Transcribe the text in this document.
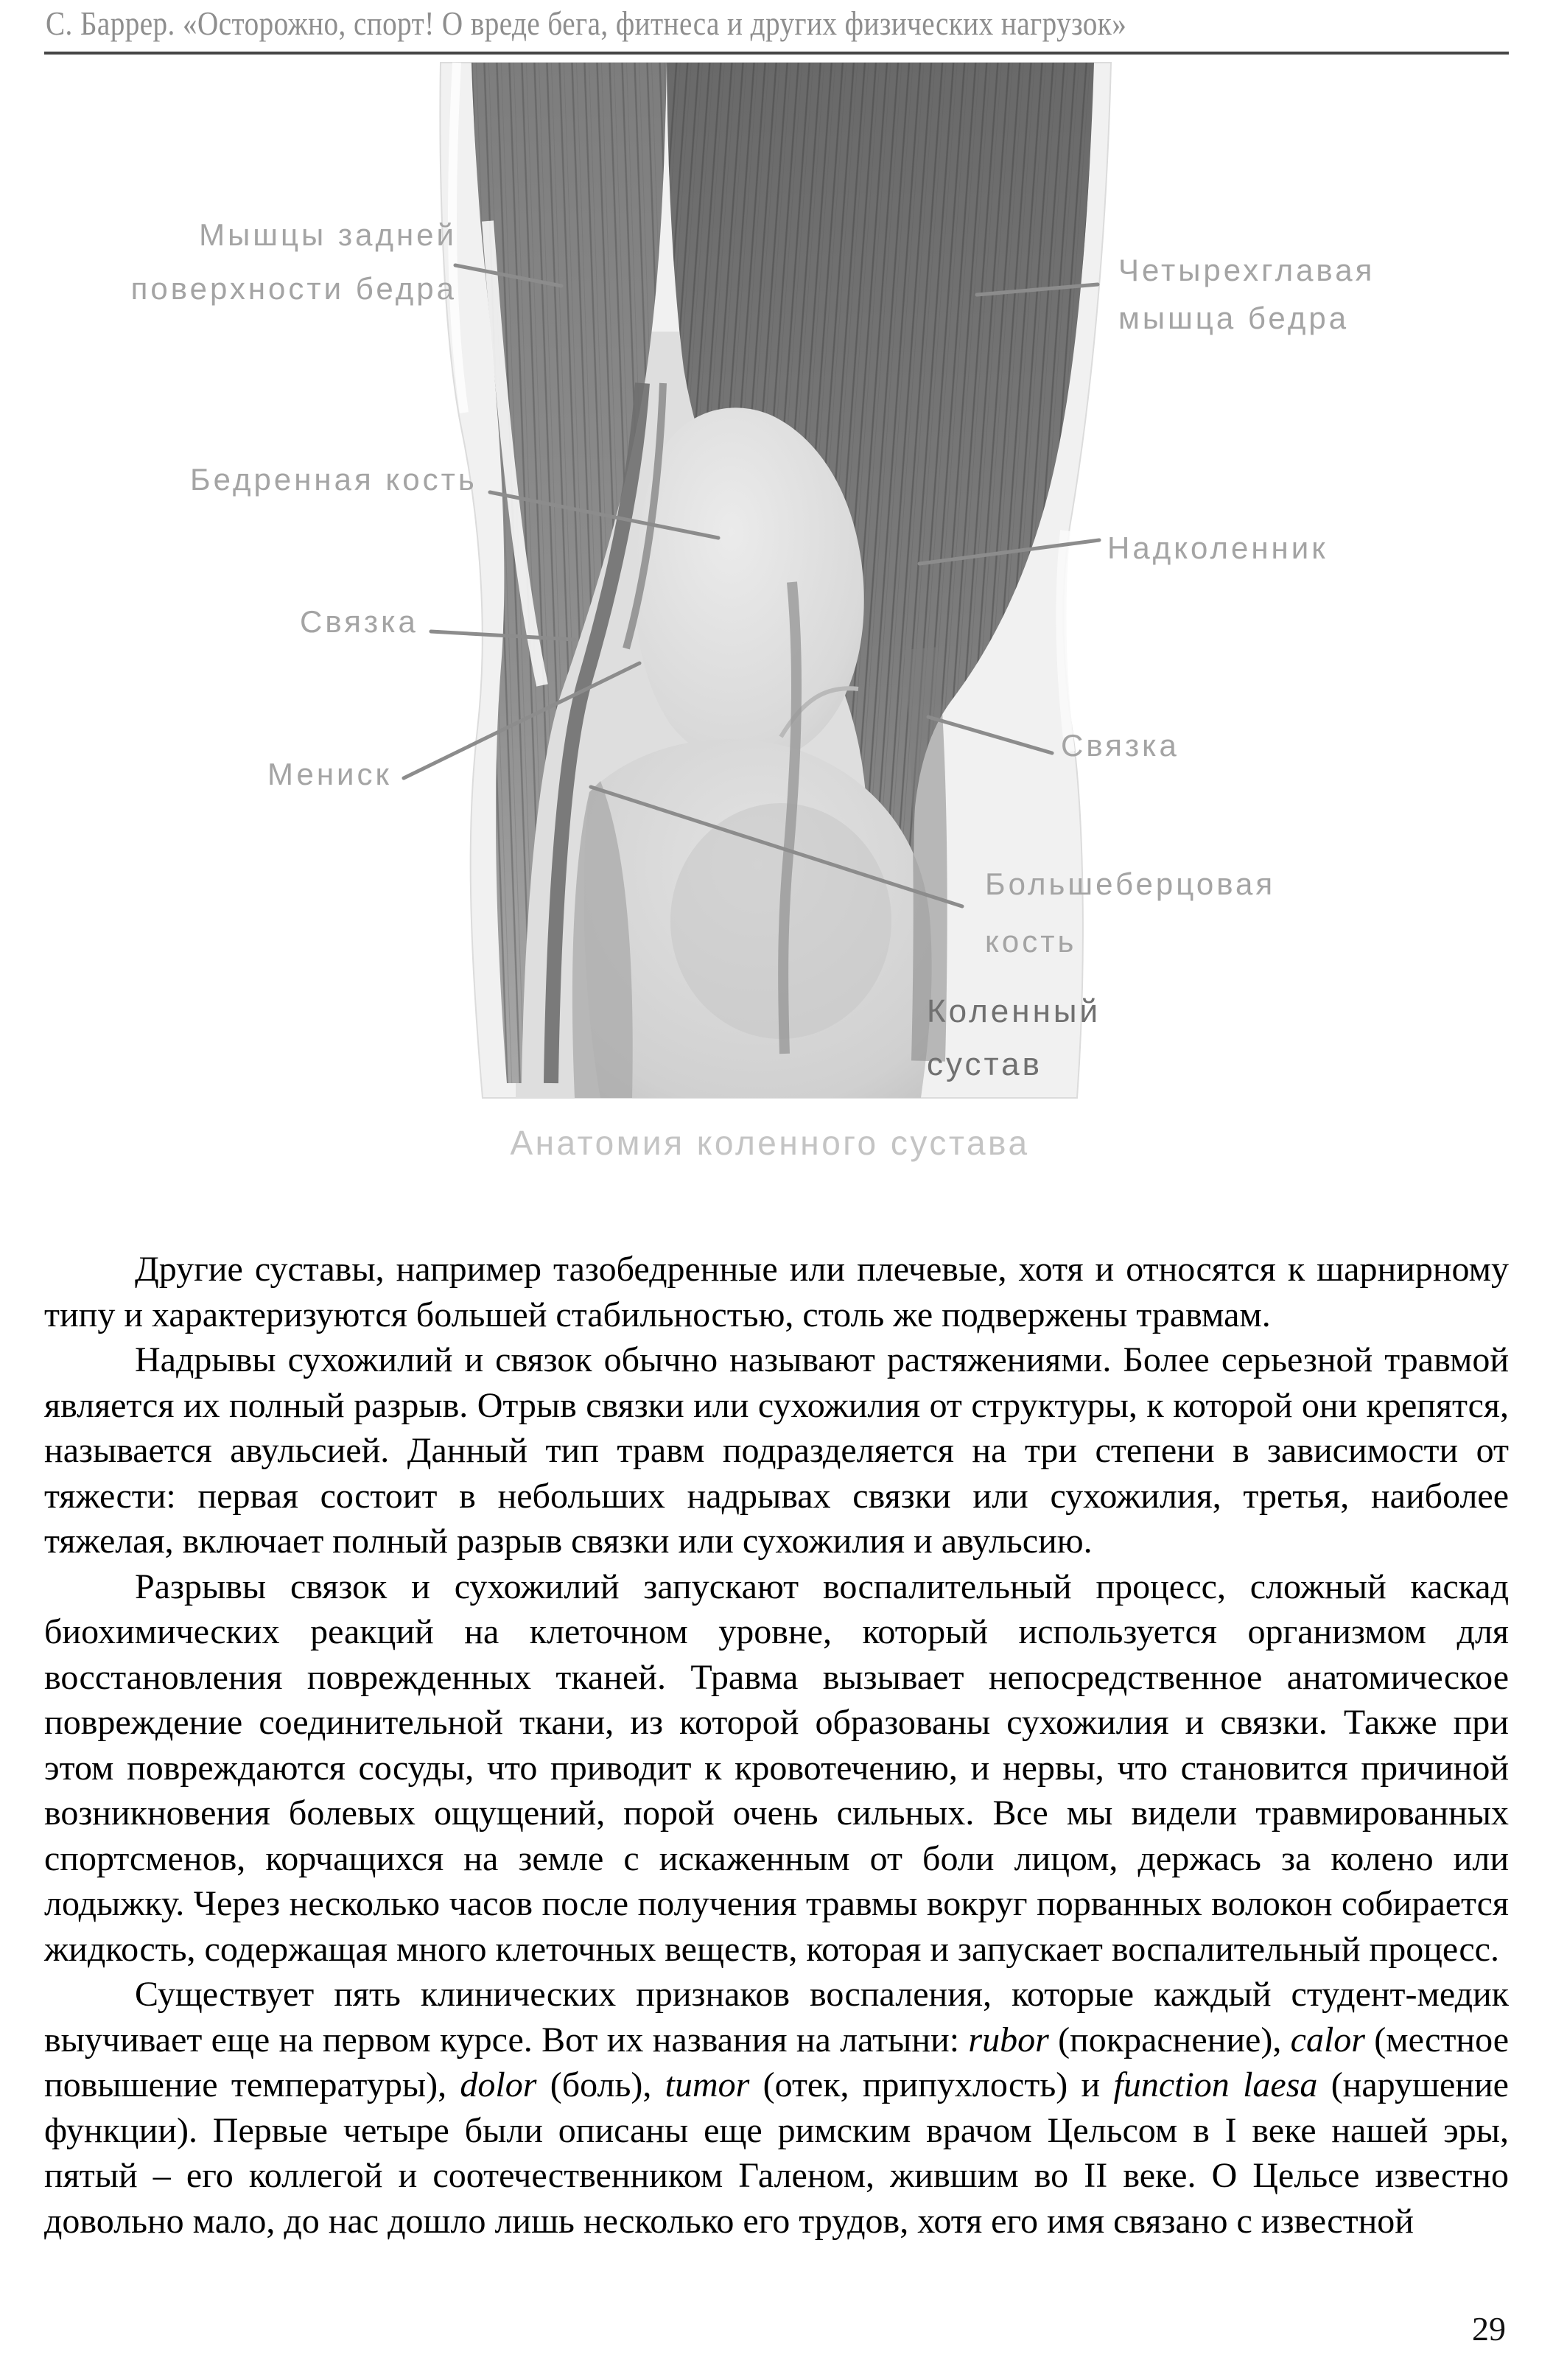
С. Баррер. «Осторожно, спорт! О вреде бега, фитнеса и других физических нагрузок»
Мышцы задней
поверхности бедра
Бедренная кость
Связка
Мениск
Четырехглавая
мышца бедра
Надколенник
Связка
Большеберцовая
кость
Коленный
сустав
Анатомия коленного сустава

Другие суставы, например тазобедренные или плечевые, хотя и относятся к шарнирному типу и характеризуются большей стабильностью, столь же подвержены травмам.

Надрывы сухожилий и связок обычно называют растяжениями. Более серьезной травмой является их полный разрыв. Отрыв связки или сухожилия от структуры, к которой они крепятся, называется авульсией. Данный тип травм подразделяется на три степени в зависимости от тяжести: первая состоит в небольших надрывах связки или сухожилия, третья, наиболее тяжелая, включает полный разрыв связки или сухожилия и авульсию.

Разрывы связок и сухожилий запускают воспалительный процесс, сложный каскад биохимических реакций на клеточном уровне, который используется организмом для восстановления поврежденных тканей. Травма вызывает непосредственное анатомическое повреждение соединительной ткани, из которой образованы сухожилия и связки. Также при этом повреждаются сосуды, что приводит к кровотечению, и нервы, что становится причиной возникновения болевых ощущений, порой очень сильных. Все мы видели травмированных спортсменов, корчащихся на земле с искаженным от боли лицом, держась за колено или лодыжку. Через несколько часов после получения травмы вокруг порванных волокон собирается жидкость, содержащая много клеточных веществ, которая и запускает воспалительный процесс.

Существует пять клинических признаков воспаления, которые каждый студент-медик выучивает еще на первом курсе. Вот их названия на латыни: rubor (покраснение), calor (местное повышение температуры), dolor (боль), tumor (отек, припухлость) и function laesa (нарушение функции). Первые четыре были описаны еще римским врачом Цельсом в I веке нашей эры, пятый – его коллегой и соотечественником Галеном, жившим во II веке. О Цельсе известно довольно мало, до нас дошло лишь несколько его трудов, хотя его имя связано с известной

29
